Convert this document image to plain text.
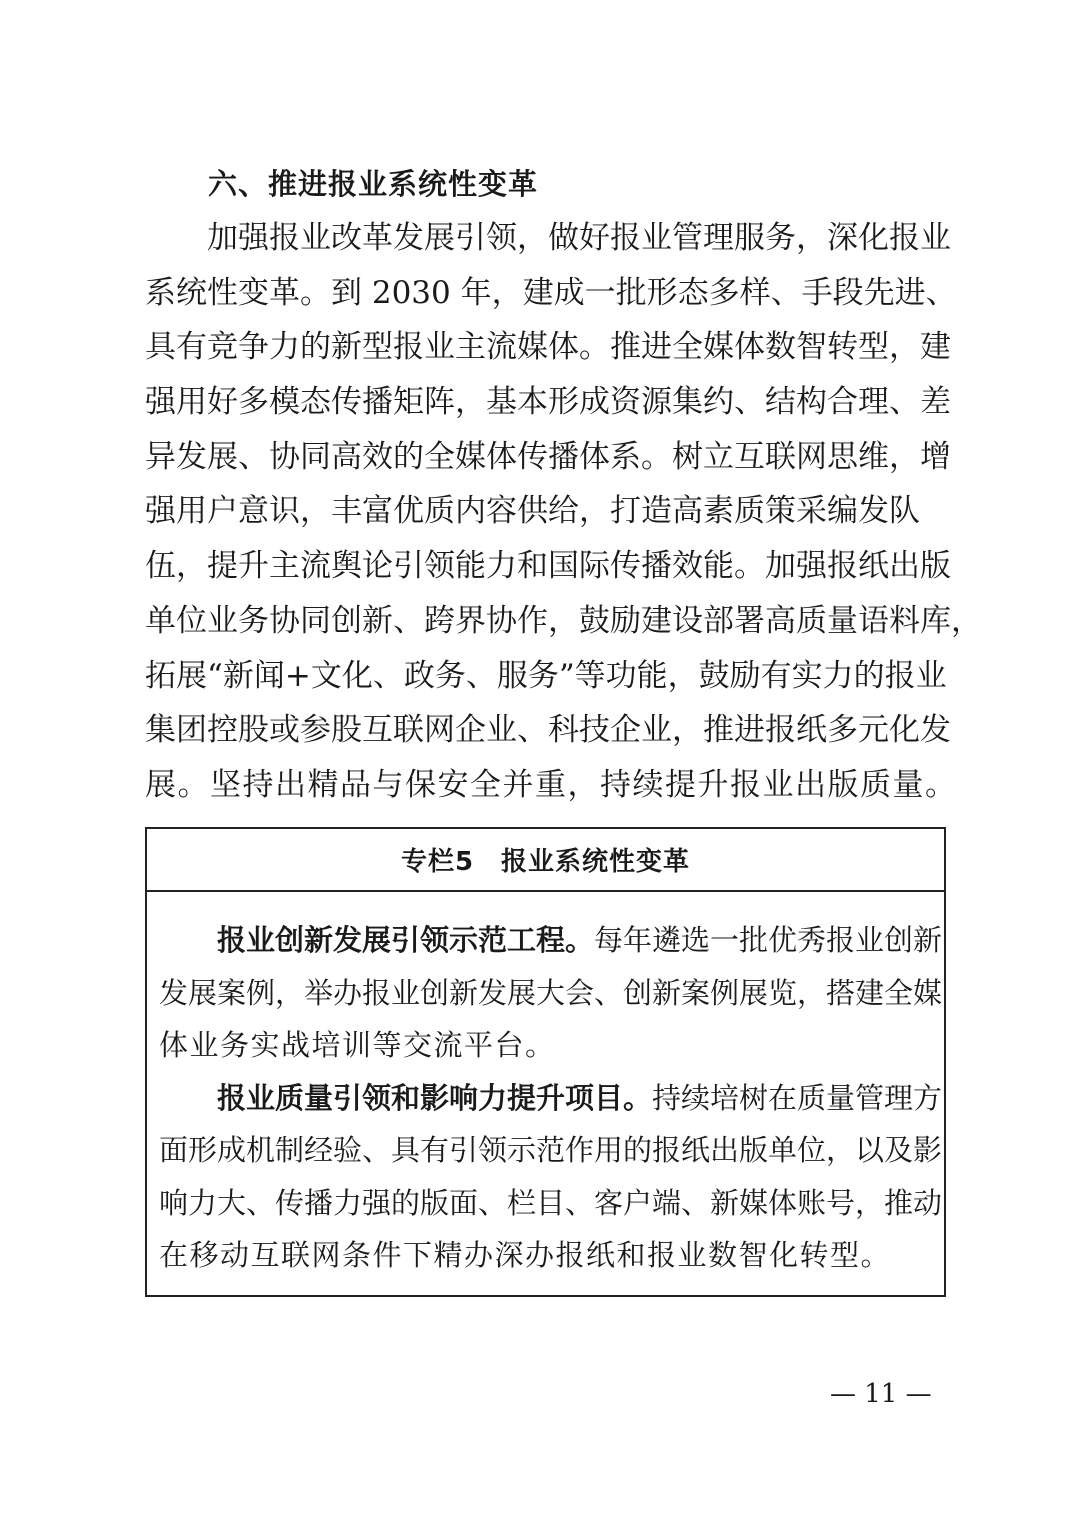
六、推进报业系统性变革
加强报业改革发展引领，做好报业管理服务，深化报业
系统性变革。到 2030 年，建成一批形态多样、手段先进、
具有竞争力的新型报业主流媒体。推进全媒体数智转型，建
强用好多模态传播矩阵，基本形成资源集约、结构合理、差
异发展、协同高效的全媒体传播体系。树立互联网思维，增
强用户意识，丰富优质内容供给，打造高素质策采编发队
伍，提升主流舆论引领能力和国际传播效能。加强报纸出版
单位业务协同创新、跨界协作，鼓励建设部署高质量语料库，
拓展“新闻+文化、政务、服务”等功能，鼓励有实力的报业
集团控股或参股互联网企业、科技企业，推进报纸多元化发
展。坚持出精品与保安全并重，持续提升报业出版质量。
专栏5　报业系统性变革
报业创新发展引领示范工程。 每年遴选一批优秀报业创新
发展案例，举办报业创新发展大会、创新案例展览，搭建全媒
体业务实战培训等交流平台。
报业质量引领和影响力提升项目。 持续培树在质量管理方
面形成机制经验、具有引领示范作用的报纸出版单位，以及影
响力大、传播力强的版面、栏目、客户端、新媒体账号，推动
在移动互联网条件下精办深办报纸和报业数智化转型。
— 11 —
